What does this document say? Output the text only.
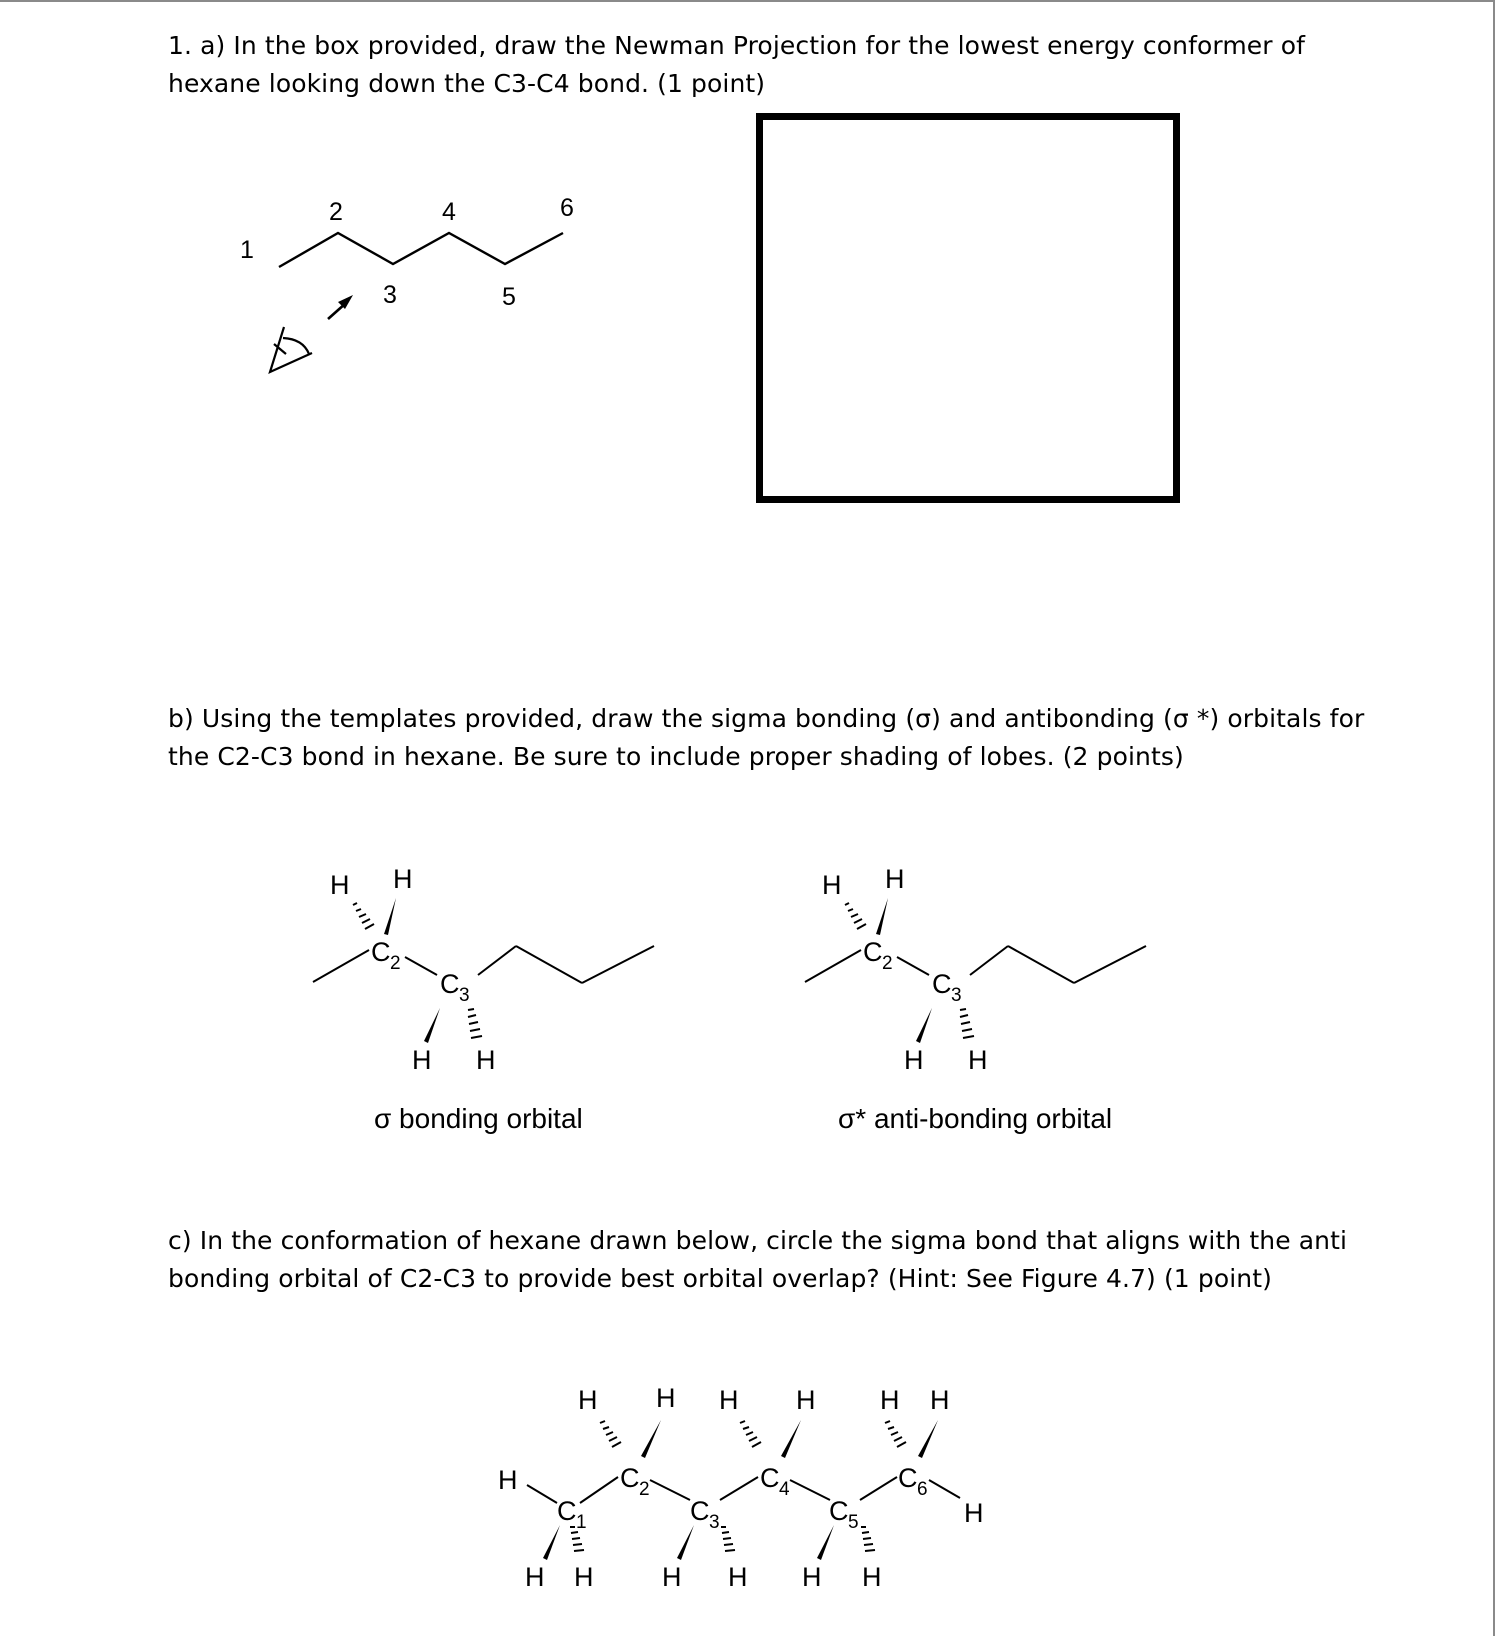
1. a) In the box provided, draw the Newman Projection for the lowest energy conformer of
hexane looking down the C3-C4 bond. (1 point)
1
2
3
4
5
6
b) Using the templates provided, draw the sigma bonding (σ) and antibonding (σ *) orbitals for
the C2-C3 bond in hexane. Be sure to include proper shading of lobes. (2 points)
H H
C 2
C 3
H H
H H
C 2
C 3
H H
σ bonding orbital	σ* anti-bonding orbital
c) In the conformation of hexane drawn below, circle the sigma bond that aligns with the anti
bonding orbital of C2-C3 to provide best orbital overlap? (Hint: See Figure 4.7) (1 point)
H H H H H H
H
H
C 1
C 2
C 3
C 4
C 5
C 6
H H	H H H H
